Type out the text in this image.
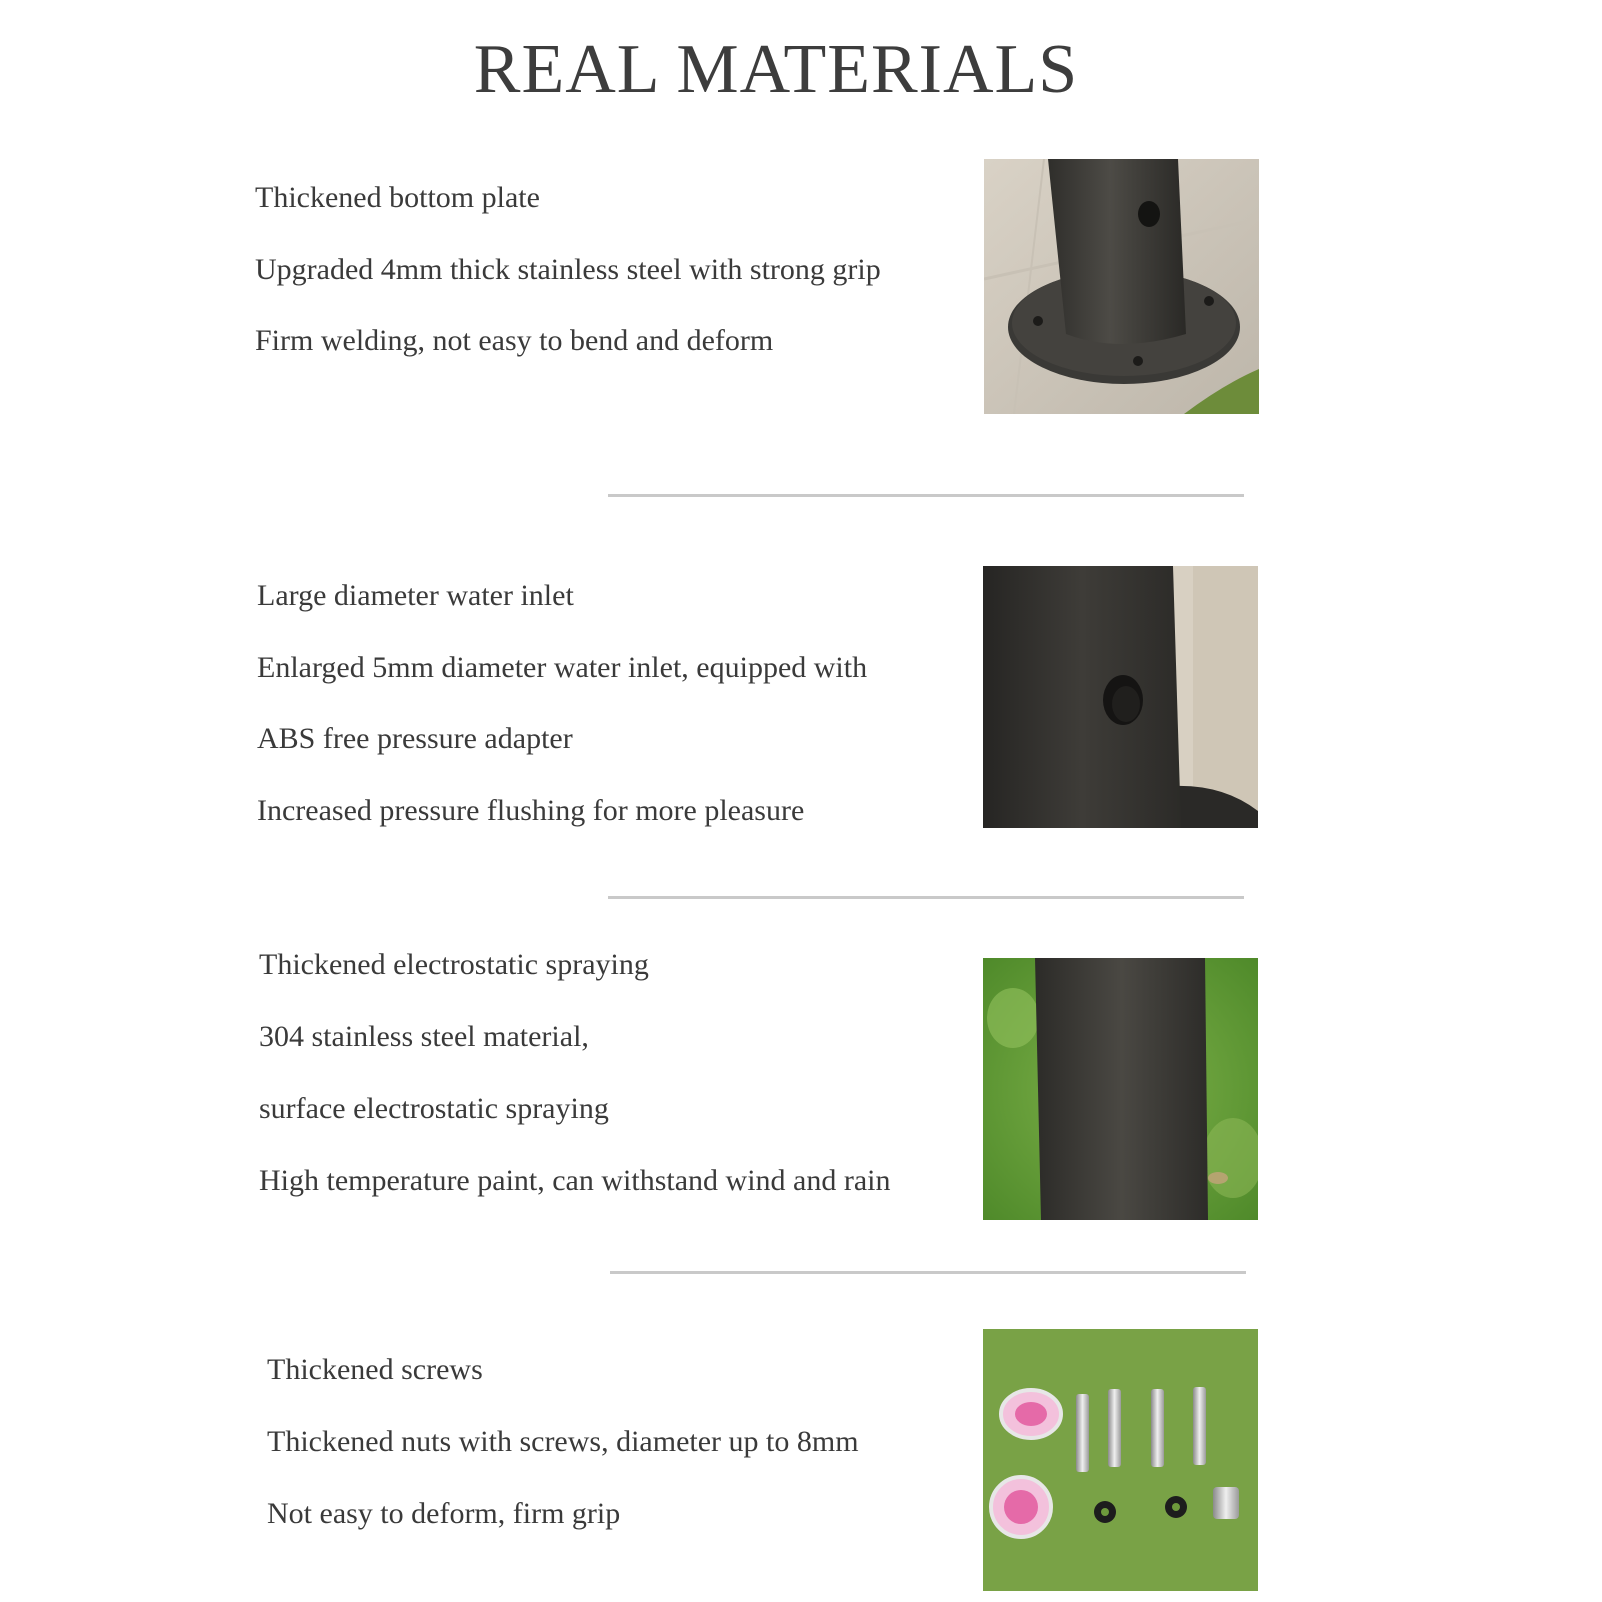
REAL MATERIALS
Thickened bottom plate
Upgraded 4mm thick stainless steel with strong grip
Firm welding, not easy to bend and deform
Large diameter water inlet
Enlarged 5mm diameter water inlet, equipped with
ABS free pressure adapter
Increased pressure flushing for more pleasure
Thickened electrostatic spraying
304 stainless steel material,
surface electrostatic spraying
High temperature paint, can withstand wind and rain
Thickened screws
Thickened nuts with screws, diameter up to 8mm
Not easy to deform, firm grip
